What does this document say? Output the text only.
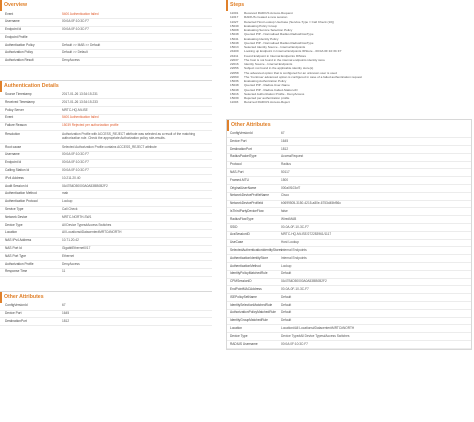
Overview
Event	5400 Authentication failed
Username	00:0A:0F:10:3C:F7
Endpoint Id	00:0A:0F:10:3C:F7
Endpoint Profile
Authentication Policy	Default >> MAB >> Default
Authorization Policy	Default >> Default
Authorization Result	DenyAccess
Authentication Details
Source Timestamp	2017-01-26 13:34:15.231
Received Timestamp	2017-01-26 13:34:15.233
Policy Server	MRTC-HQ-Mt-ISE
Event	5400 Authentication failed
Failure Reason	15039 Rejected per authorization profile
Resolution	Authorization Profile with ACCESS_REJECT attribute was selected as a result of the matching authorization rule. Check the appropriate Authorization policy rule-results.
Root cause	Selected Authorization Profile contains ACCESS_REJECT attribute
Username	00:0A:0F:10:3C:F7
Endpoint Id	00:0A:0F:10:3C:F7
Calling Station Id	00:0A:0F:10:3C:F7
IPv4 Address	10.211.20.40
Audit Session Id	0A47B4D50000A0A53BB0B2F2
Authentication Method	mab
Authentication Protocol	Lookup
Service Type	Call Check
Network Device	MRTC-NORTH-SW1
Device Type	All Device Types#Access Switches
Location	All Locations#Datacenter#MRTC#NORTH
NAS IPv4 Address	10.71.20.42
NAS Port Id	GigabitEthernet0/17
NAS Port Type	Ethernet
Authorization Profile	DenyAccess
Response Time	11
Other Attributes
ConfigVersionId	67
Device Port	1645
DestinationPort	1812
Steps
11001	Received RADIUS Access-Request
11017	RADIUS created a new session
11027	Detected Host Lookup UseCase (Service-Type = Call Check (10))
15049	Evaluating Policy Group
15008	Evaluating Service Selection Policy
15048	Queried PIP - Normalised Radius.RadiusFlowType
15041	Evaluating Identity Policy
15048	Queried PIP - Normalised Radius.RadiusFlowType
15013	Selected Identity Source - Internal Endpoints
24209	Looking up Endpoint in Internal Endpoints IDStore - 00:0A:0F:10:3C:F7
24211	Found Endpoint in Internal Endpoints IDStore
22037	The host is not found in the internal endpoints identity store
22016	Identity Source - Internal Endpoints
22056	Subject not found in the applicable identity store(s)
22058	The advanced option that is configured for an unknown user is used
22060	The 'Continue' advanced option is configured in case of a failed authentication request
15036	Evaluating Authorization Policy
15048	Queried PIP - Radius.User-Name
15048	Queried PIP - Radius.Called-Station-ID
15016	Selected Authorization Profile - DenyAccess
15039	Rejected per authorization profile
11003	Returned RADIUS Access-Reject
Other Attributes
ConfigVersionId	67
Device Port	1645
DestinationPort	1812
RadiusPacketType	AccessRequest
Protocol	Radius
NAS-Port	50117
Framed-MTU	1500
OriginalUserName	000a0f103cf7
NetworkDeviceProfileName	Cisco
NetworkDeviceProfileId	b0699505-3150-4215-a80e-6753d45bf56c
IsThirdPartyDeviceFlow	false
RadiusFlowType	WiredMAB
SSID	00-0A-0F-10-3C-F7
AcsSessionID	MRTC-HQ-Mt-ISE/272283961/1117
UseCase	Host Lookup
SelectedAuthenticationIdentityStores
Internal Endpoints
AuthenticationIdentityStore	Internal Endpoints
AuthenticationMethod	Lookup
IdentityPolicyMatchedRule	Default
CPMSessionID	0A47B4D50000A0A53BB0B2F2
EndPointMACAddress	00-0A-0F-10-3C-F7
ISEPolicySetName	Default
IdentitySelectionMatchedRule	Default
AuthorizationPolicyMatchedRule	Default
IdentityGroupMatchedRule	Default
Location	Location#All Locations#Datacenter#MRTC#NORTH
Device Type	Device Type#All Device Types#Access Switches
RADIUS Username	00:0A:0F:10:3C:F7
